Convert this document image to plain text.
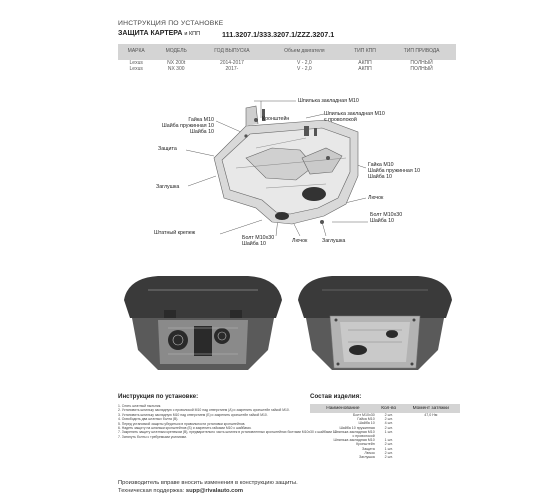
ИНСТРУКЦИЯ ПО УСТАНОВКЕ
ЗАЩИТА КАРТЕРА и КПП	111.3207.1/333.3207.1/ZZZ.3207.1
МАРКА	МОДЕЛЬ	ГОД ВЫПУСКА	Объем двигателя	ТИП КПП	ТИП ПРИВОДА
Lexus	NX 200t	2014-2017	V - 2,0	АКПП	ПОЛНЫЙ
Lexus	NX 300	2017-	V - 2,0	АКПП	ПОЛНЫЙ
Шпилька закладная М10
Кронштейн
Шпилька закладная М10
с проволокой
Гайка М10
Шайба пружинная 10
Шайба 10
Защита
Заглушка
Гайка М10
Шайба пружинная 10
Шайба 10
Лючок
Болт М10х30
Шайба 10
Штатный крепеж
Болт М10х30
Шайба 10	Лючок	Заглушка
Инструкция по установке:
1. Снять штатный пыльник.
2. Установить шпильку закладную с проволокой М10 над отверстием (А) и закрепить кронштейн гайкой М10.
3. Установить шпильку закладную М10 над отверстием (Б) и закрепить кронштейн гайкой М10.
4. Освободить два штатных болта (В).
5. Перед установкой защиты убедиться в правильности установки кронштейнов.
6. Надеть защиту на шпильки кронштейнов (Б) и закрепить гайками М10 с шайбами.
7. Закрепить защиту штатным крепежом (В), предварительно часть шпилек в установленных кронштейнах болтами М10х30 с шайбами 10.
7. Затянуть болты с требуемыми усилиями.
Состав изделия:
Наименование	Кол-во	Момент затяжки
Болт М10х30	2 шт.	47,0 Нм
Гайка М10	2 шт.	
Шайба 10	4 шт.	
Шайба 10 пружинная	2 шт.	
Шпилька закладная М10	1 шт.	
с проволокой		
Шпилька закладная М10	1 шт.	
Кронштейн	2 шт.	
Защита	1 шт.	
Лючок	2 шт.	
Заглушка	2 шт.	
Производитель вправе вносить изменения в конструкцию защиты.
Техническая поддержка: supp@rivalauto.com
